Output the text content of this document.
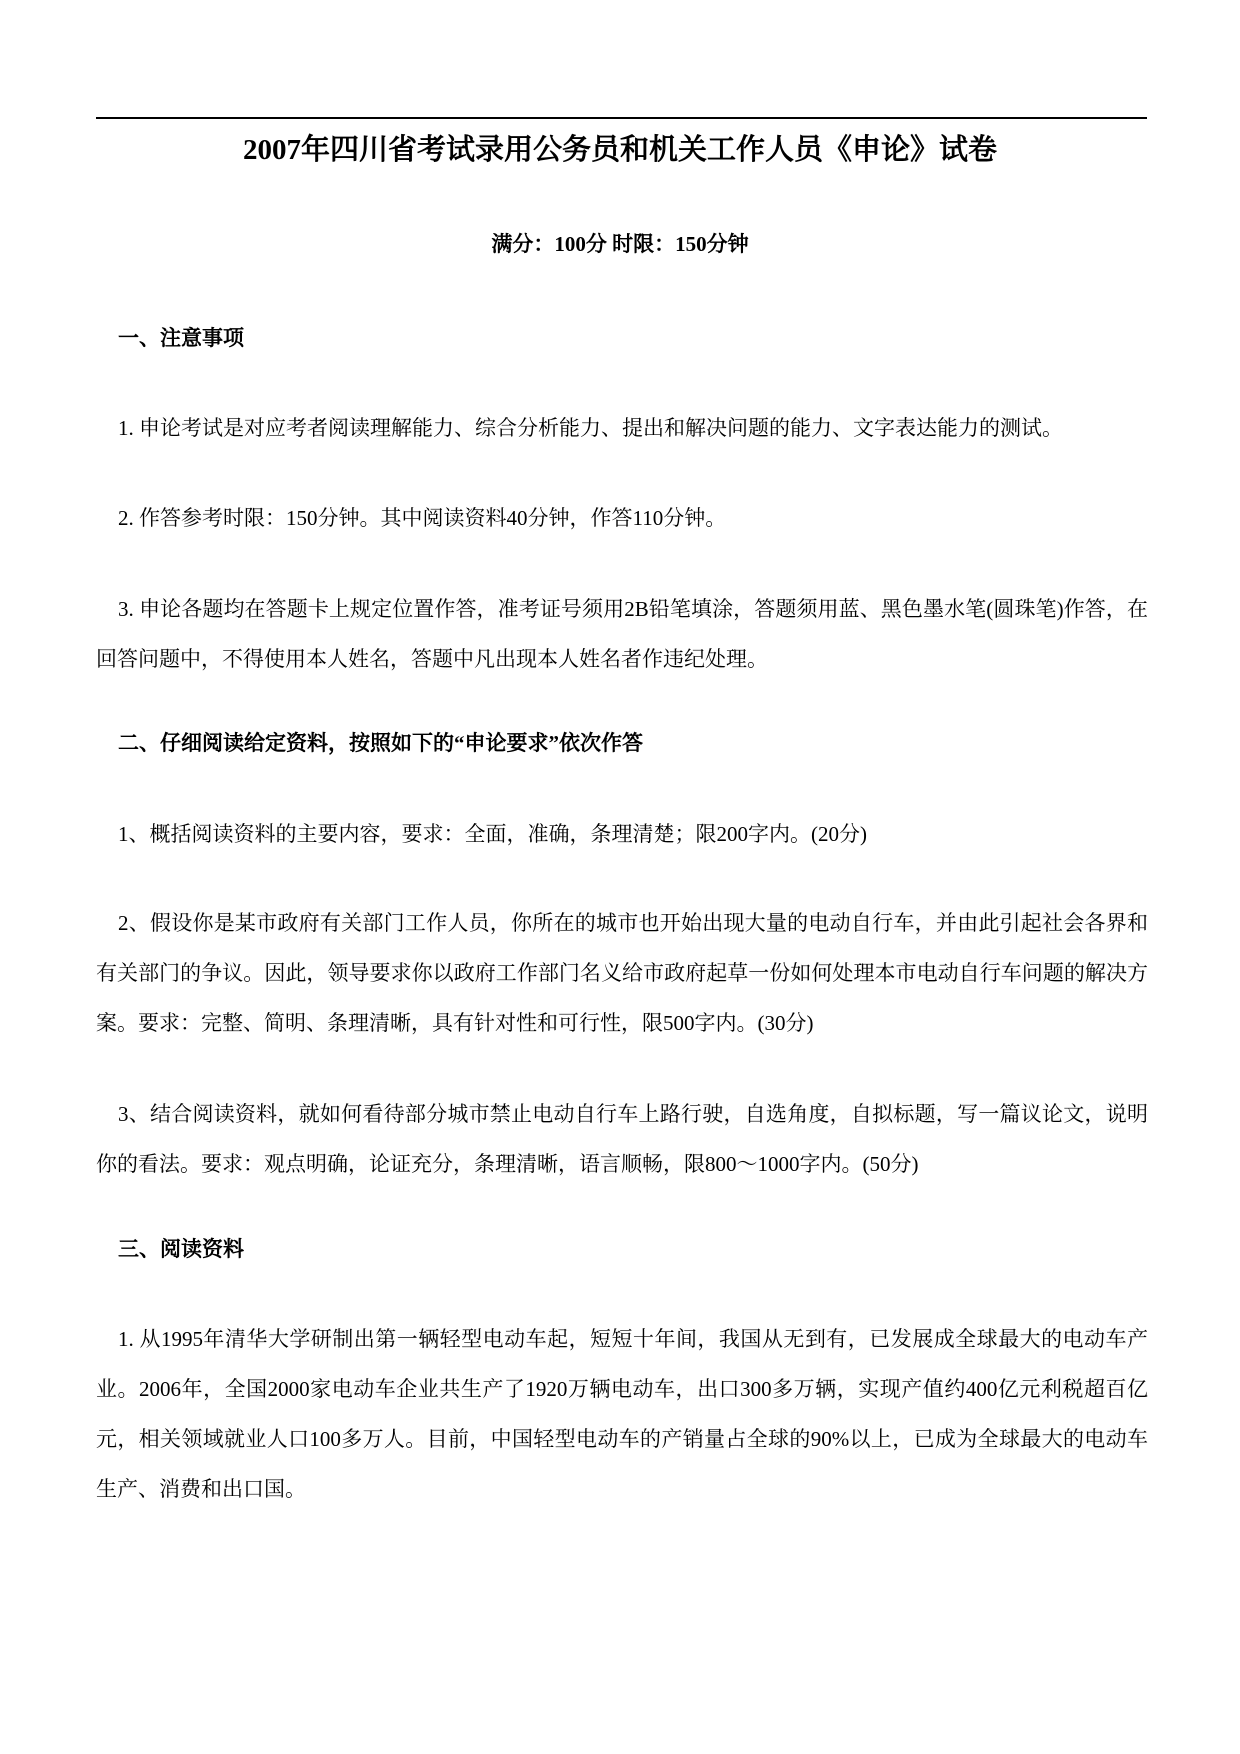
2007年四川省考试录用公务员和机关工作人员《申论》试卷
满分：100分 时限：150分钟
一、注意事项

1. 申论考试是对应考者阅读理解能力、综合分析能力、提出和解决问题的能力、文字表达能力的测试。

2. 作答参考时限：150分钟。其中阅读资料40分钟，作答110分钟。

3. 申论各题均在答题卡上规定位置作答，准考证号须用2B铅笔填涂，答题须用蓝、黑色墨水笔(圆珠笔)作答，在回答问题中，不得使用本人姓名，答题中凡出现本人姓名者作违纪处理。

二、仔细阅读给定资料，按照如下的“申论要求”依次作答

1、概括阅读资料的主要内容，要求：全面，准确，条理清楚；限200字内。(20分)

2、假设你是某市政府有关部门工作人员，你所在的城市也开始出现大量的电动自行车，并由此引起社会各界和有关部门的争议。因此，领导要求你以政府工作部门名义给市政府起草一份如何处理本市电动自行车问题的解决方案。要求：完整、简明、条理清晰，具有针对性和可行性，限500字内。(30分)

3、结合阅读资料，就如何看待部分城市禁止电动自行车上路行驶，自选角度，自拟标题，写一篇议论文，说明你的看法。要求：观点明确，论证充分，条理清晰，语言顺畅，限800～1000字内。(50分)

三、阅读资料

1. 从1995年清华大学研制出第一辆轻型电动车起，短短十年间，我国从无到有，已发展成全球最大的电动车产业。2006年，全国2000家电动车企业共生产了1920万辆电动车，出口300多万辆，实现产值约400亿元利税超百亿元，相关领域就业人口100多万人。目前，中国轻型电动车的产销量占全球的90%以上，已成为全球最大的电动车生产、消费和出口国。
